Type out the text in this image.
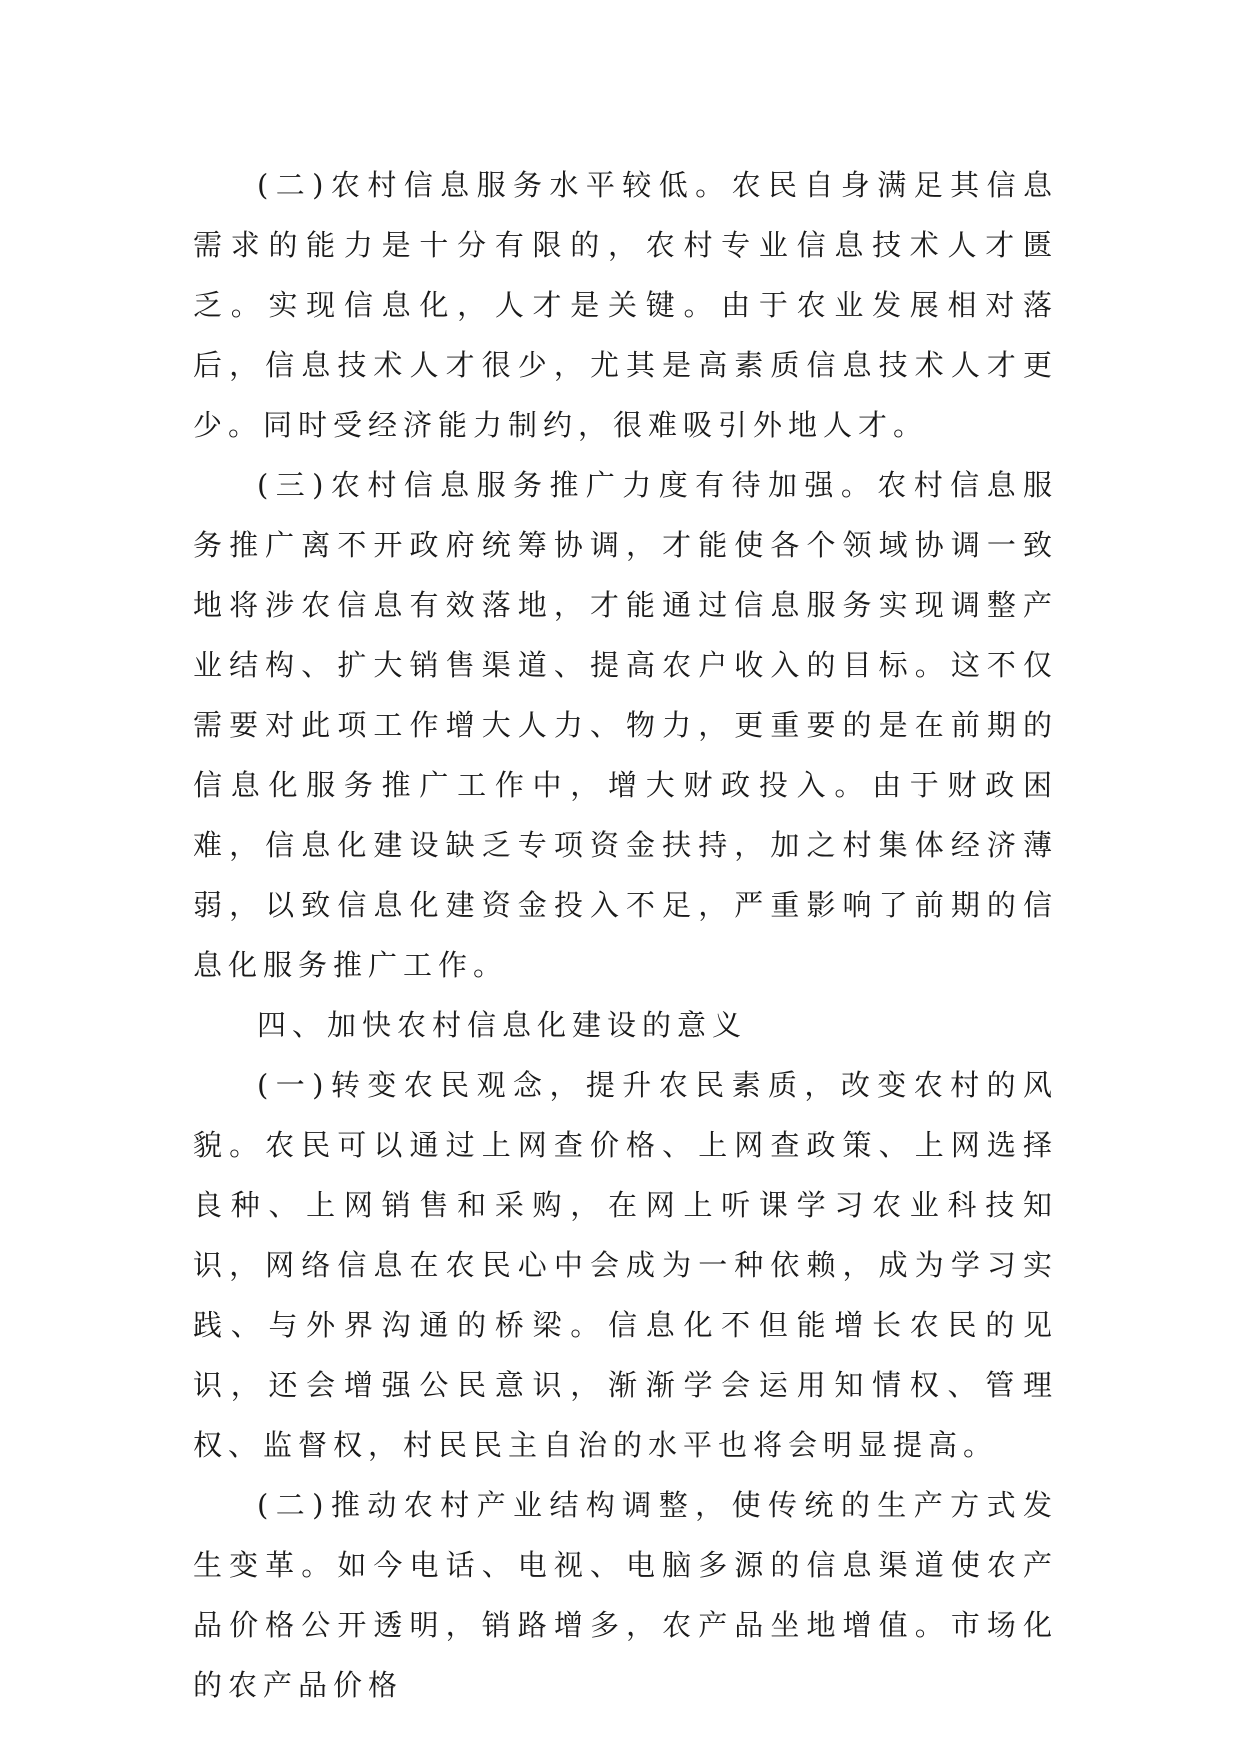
(二)农村信息服务水平较低。农民自身满足其信息需求的能力是十分有限的，农村专业信息技术人才匮乏。实现信息化，人才是关键。由于农业发展相对落后，信息技术人才很少，尤其是高素质信息技术人才更少。同时受经济能力制约，很难吸引外地人才。

(三)农村信息服务推广力度有待加强。农村信息服务推广离不开政府统筹协调，才能使各个领域协调一致地将涉农信息有效落地，才能通过信息服务实现调整产业结构、扩大销售渠道、提高农户收入的目标。这不仅需要对此项工作增大人力、物力，更重要的是在前期的信息化服务推广工作中，增大财政投入。由于财政困难，信息化建设缺乏专项资金扶持，加之村集体经济薄弱，以致信息化建资金投入不足，严重影响了前期的信息化服务推广工作。

四、加快农村信息化建设的意义

(一)转变农民观念，提升农民素质，改变农村的风貌。农民可以通过上网查价格、上网查政策、上网选择良种、上网销售和采购，在网上听课学习农业科技知识，网络信息在农民心中会成为一种依赖，成为学习实践、与外界沟通的桥梁。信息化不但能增长农民的见识，还会增强公民意识，渐渐学会运用知情权、管理权、监督权，村民民主自治的水平也将会明显提高。

(二)推动农村产业结构调整，使传统的生产方式发生变革。如今电话、电视、电脑多源的信息渠道使农产品价格公开透明，销路增多，农产品坐地增值。市场化的农产品价格
